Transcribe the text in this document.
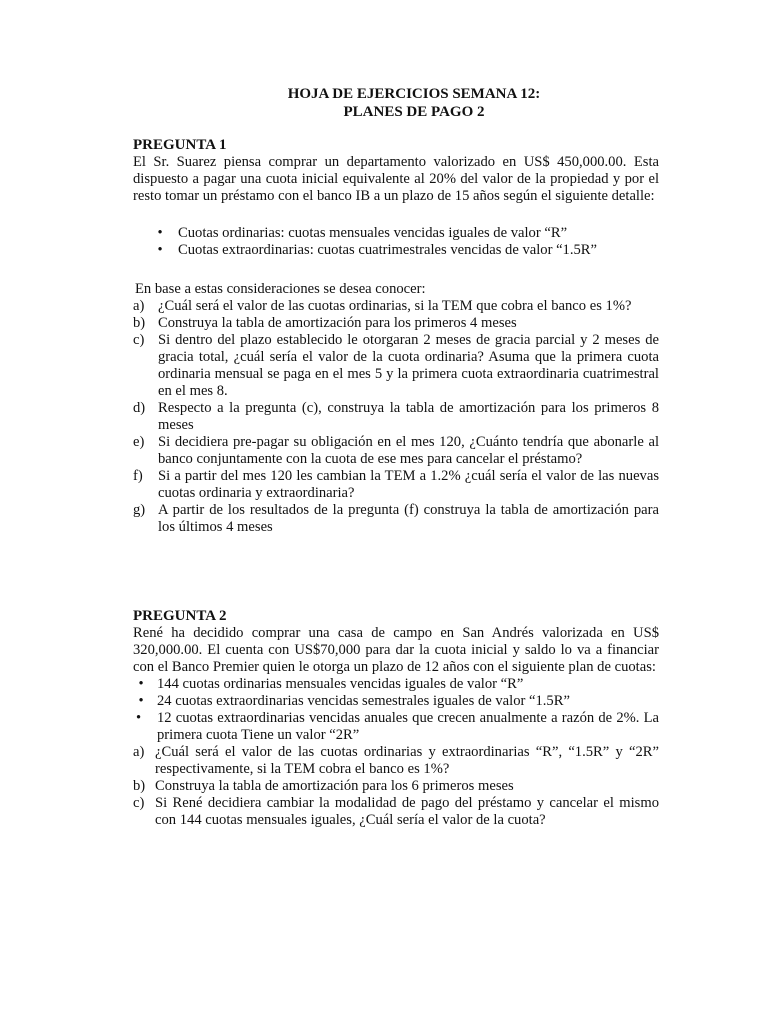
HOJA DE EJERCICIOS SEMANA 12:
PLANES DE PAGO 2
PREGUNTA 1
El Sr. Suarez piensa comprar un departamento valorizado en US$ 450,000.00. Esta dispuesto a pagar una cuota inicial equivalente al 20% del valor de la propiedad y por el resto tomar un préstamo con el banco IB a un plazo de 15 años según el siguiente detalle:
• Cuotas ordinarias: cuotas mensuales vencidas iguales de valor “R”
• Cuotas extraordinarias: cuotas cuatrimestrales vencidas de valor “1.5R”
En base a estas consideraciones se desea conocer:
a) ¿Cuál será el valor de las cuotas ordinarias, si la TEM que cobra el banco es 1%?
b) Construya la tabla de amortización para los primeros 4 meses
c) Si dentro del plazo establecido le otorgaran 2 meses de gracia parcial y 2 meses de gracia total, ¿cuál sería el valor de la cuota ordinaria? Asuma que la primera cuota ordinaria mensual se paga en el mes 5 y la primera cuota extraordinaria cuatrimestral en el mes 8.
d) Respecto a la pregunta (c), construya la tabla de amortización para los primeros 8 meses
e) Si decidiera pre-pagar su obligación en el mes 120, ¿Cuánto tendría que abonarle al banco conjuntamente con la cuota de ese mes para cancelar el préstamo?
f) Si a partir del mes 120 les cambian la TEM a 1.2% ¿cuál sería el valor de las nuevas cuotas ordinaria y extraordinaria?
g) A partir de los resultados de la pregunta (f) construya la tabla de amortización para los últimos 4 meses
PREGUNTA 2
René ha decidido comprar una casa de campo en San Andrés valorizada en US$ 320,000.00. El cuenta con US$70,000 para dar la cuota inicial y saldo lo va a financiar con el Banco Premier quien le otorga un plazo de 12 años con el siguiente plan de cuotas:
• 144 cuotas ordinarias mensuales vencidas iguales de valor “R”
• 24 cuotas extraordinarias vencidas semestrales iguales de valor “1.5R”
•	12 cuotas extraordinarias vencidas anuales que crecen anualmente a razón de 2%. La primera cuota Tiene un valor “2R”
a) ¿Cuál será el valor de las cuotas ordinarias y extraordinarias “R”, “1.5R” y “2R” respectivamente, si la TEM cobra el banco es 1%?
b) Construya la tabla de amortización para los 6 primeros meses
c) Si René decidiera cambiar la modalidad de pago del préstamo y cancelar el mismo con 144 cuotas mensuales iguales, ¿Cuál sería el valor de la cuota?
